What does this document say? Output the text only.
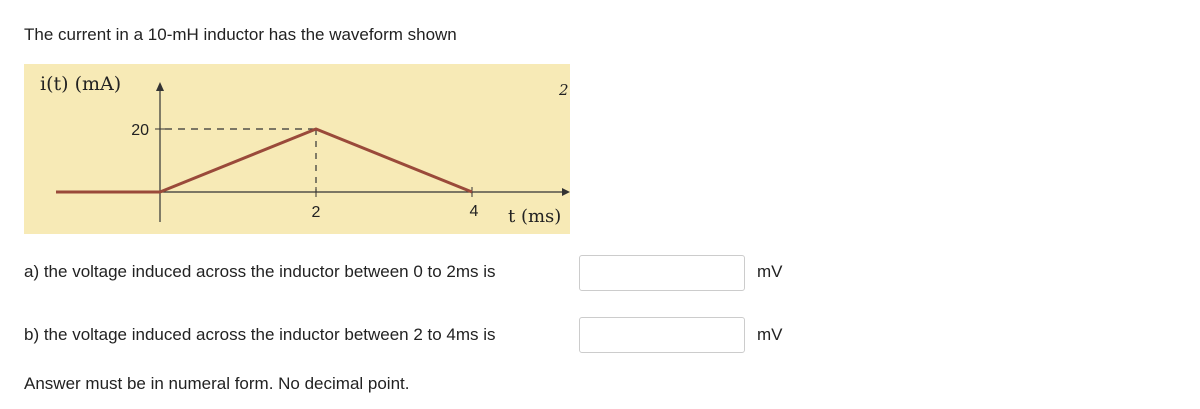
The current in a 10-mH inductor has the waveform shown
i(t) (mA)
20
2	4 t (ms)
2
a) the voltage induced across the inductor between 0 to 2ms is	mV
b) the voltage induced across the inductor between 2 to 4ms is	mV
Answer must be in numeral form. No decimal point.
